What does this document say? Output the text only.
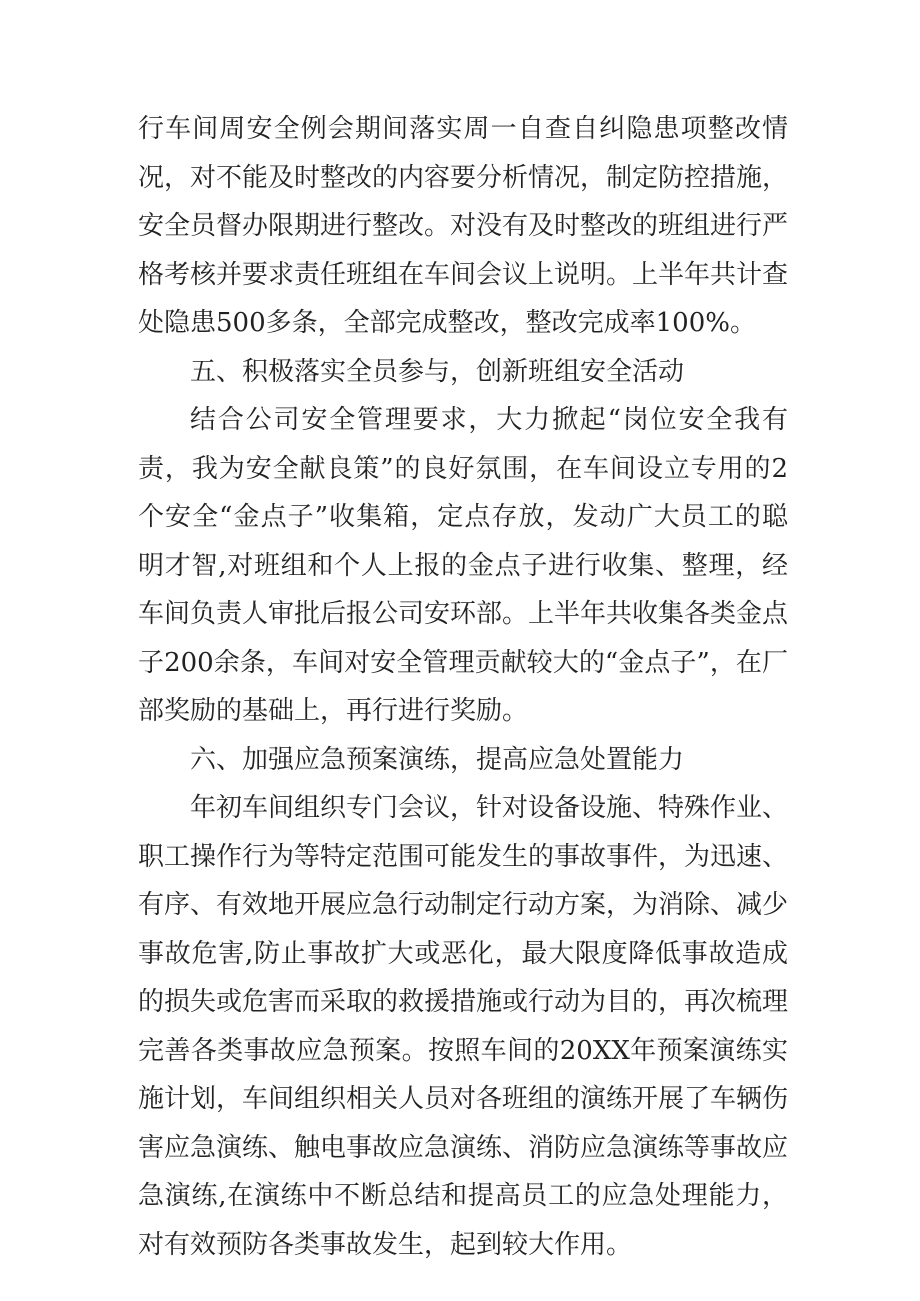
行车间周安全例会期间落实周一自查自纠隐患项整改情况，对不能及时整改的内容要分析情况，制定防控措施，安全员督办限期进行整改。对没有及时整改的班组进行严格考核并要求责任班组在车间会议上说明。上半年共计查处隐患500多条，全部完成整改，整改完成率100%。

五、积极落实全员参与，创新班组安全活动

结合公司安全管理要求，大力掀起“岗位安全我有责，我为安全献良策”的良好氛围，在车间设立专用的2个安全“金点子”收集箱，定点存放，发动广大员工的聪明才智,对班组和个人上报的金点子进行收集、整理，经车间负责人审批后报公司安环部。上半年共收集各类金点子200余条，车间对安全管理贡献较大的“金点子”，在厂部奖励的基础上，再行进行奖励。

六、加强应急预案演练，提高应急处置能力

年初车间组织专门会议，针对设备设施、特殊作业、职工操作行为等特定范围可能发生的事故事件，为迅速、有序、有效地开展应急行动制定行动方案，为消除、减少事故危害,防止事故扩大或恶化，最大限度降低事故造成的损失或危害而采取的救援措施或行动为目的，再次梳理完善各类事故应急预案。按照车间的20XX年预案演练实施计划，车间组织相关人员对各班组的演练开展了车辆伤害应急演练、触电事故应急演练、消防应急演练等事故应急演练,在演练中不断总结和提高员工的应急处理能力，对有效预防各类事故发生，起到较大作用。
